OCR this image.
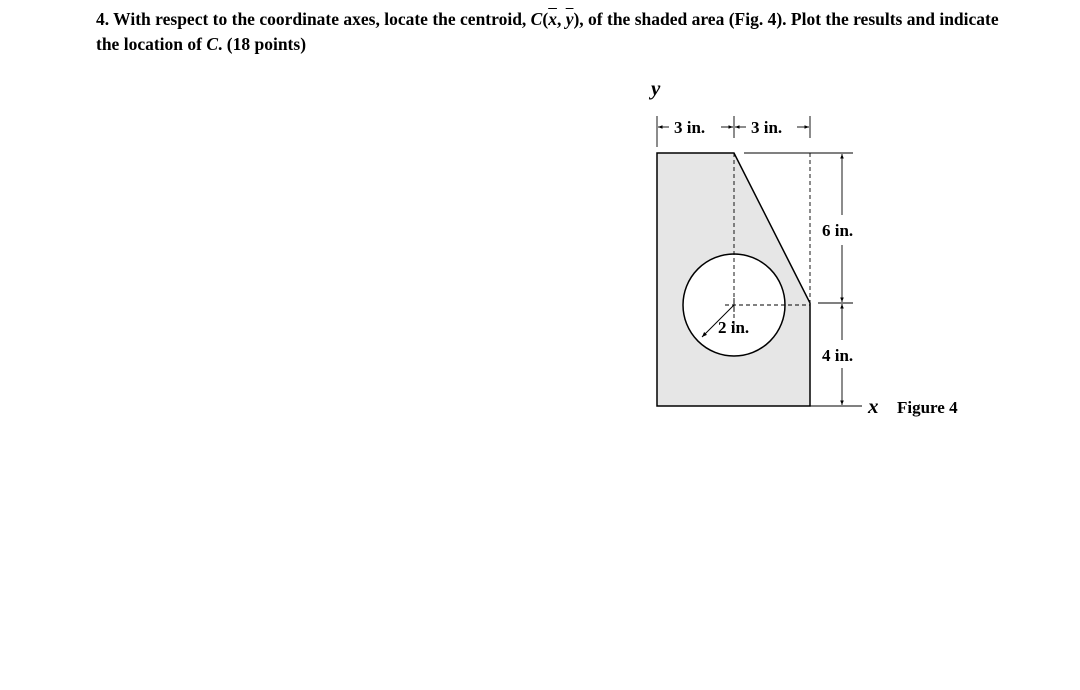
4. With respect to the coordinate axes, locate the centroid, $C(\overline{x}$, $\overline{y}$), of the shaded area (Fig. 4). Plot the results and indicate the location of C. (18 points)

2 in.
3 in.	3 in.
y
6 in.
4 in.
x Figure 4
